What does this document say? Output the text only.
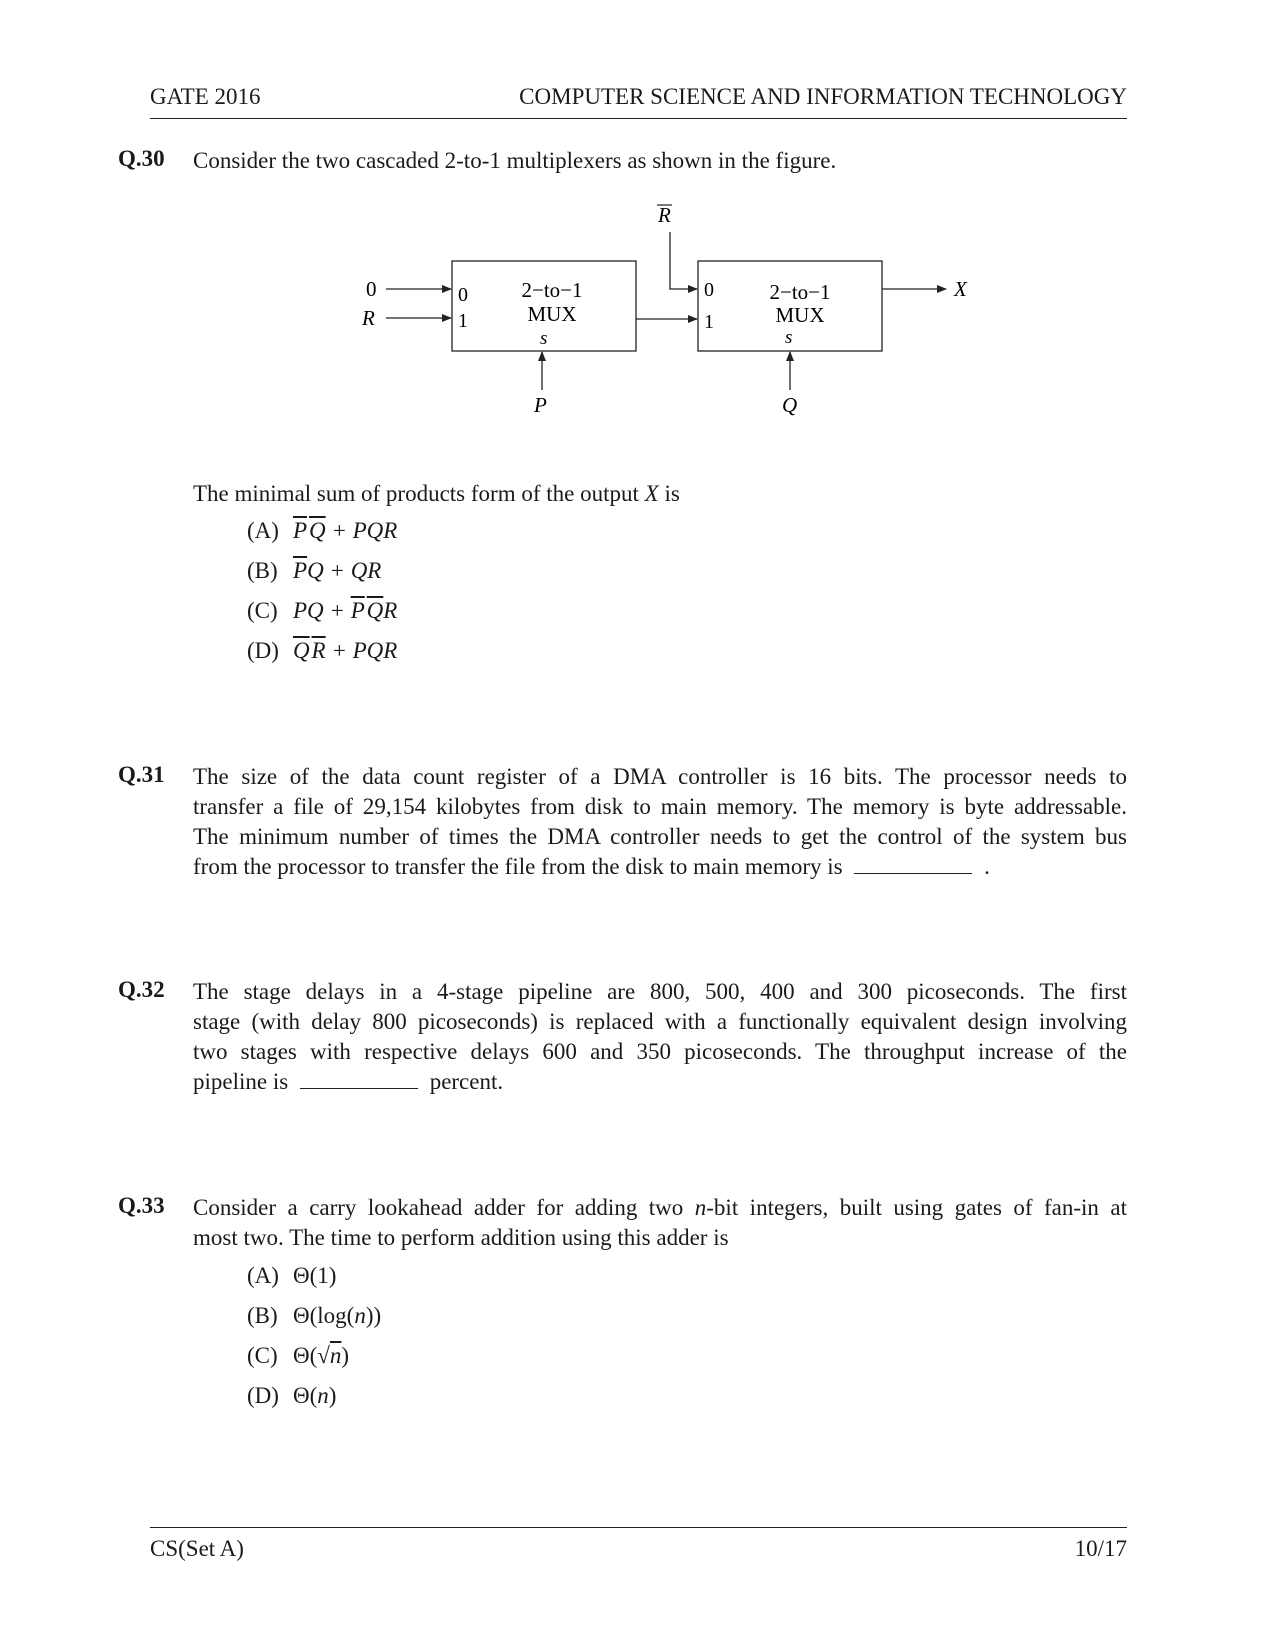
GATE 2016	COMPUTER SCIENCE AND INFORMATION TECHNOLOGY
Q.30 Consider the two cascaded 2-to-1 multiplexers as shown in the figure.
0
1
2−to−1
MUX
s
0
1
2−to−1
MUX
s
0
R
R
X
P	Q
The minimal sum of products form of the output X is
(A) $\overline{P}$ $\overline{Q}$ + PQR
(B) $\overline{P}Q$ + QR
(C) PQ + $\overline{P}$ $\overline{Q}R$
(D) $\overline{Q}$ $\overline{R}$ + PQR
Q.31 The size of the data count register of a DMA controller is 16 bits. The processor needs to
transfer a file of 29,154 kilobytes from disk to main memory. The memory is byte addressable.
The minimum number of times the DMA controller needs to get the control of the system bus
from the processor to transfer the file from the disk to main memory is	.
Q.32 The stage delays in a 4-stage pipeline are 800, 500, 400 and 300 picoseconds. The first
stage (with delay 800 picoseconds) is replaced with a functionally equivalent design involving
two stages with respective delays 600 and 350 picoseconds. The throughput increase of the
pipeline is	percent.
Q.33 Consider a carry lookahead adder for adding two n-bit integers, built using gates of fan-in at
most two. The time to perform addition using this adder is
(A) Θ(1)
(B) Θ(log(n))
(C) Θ(√n)
(D) Θ(n)
CS(Set A)	10/17
